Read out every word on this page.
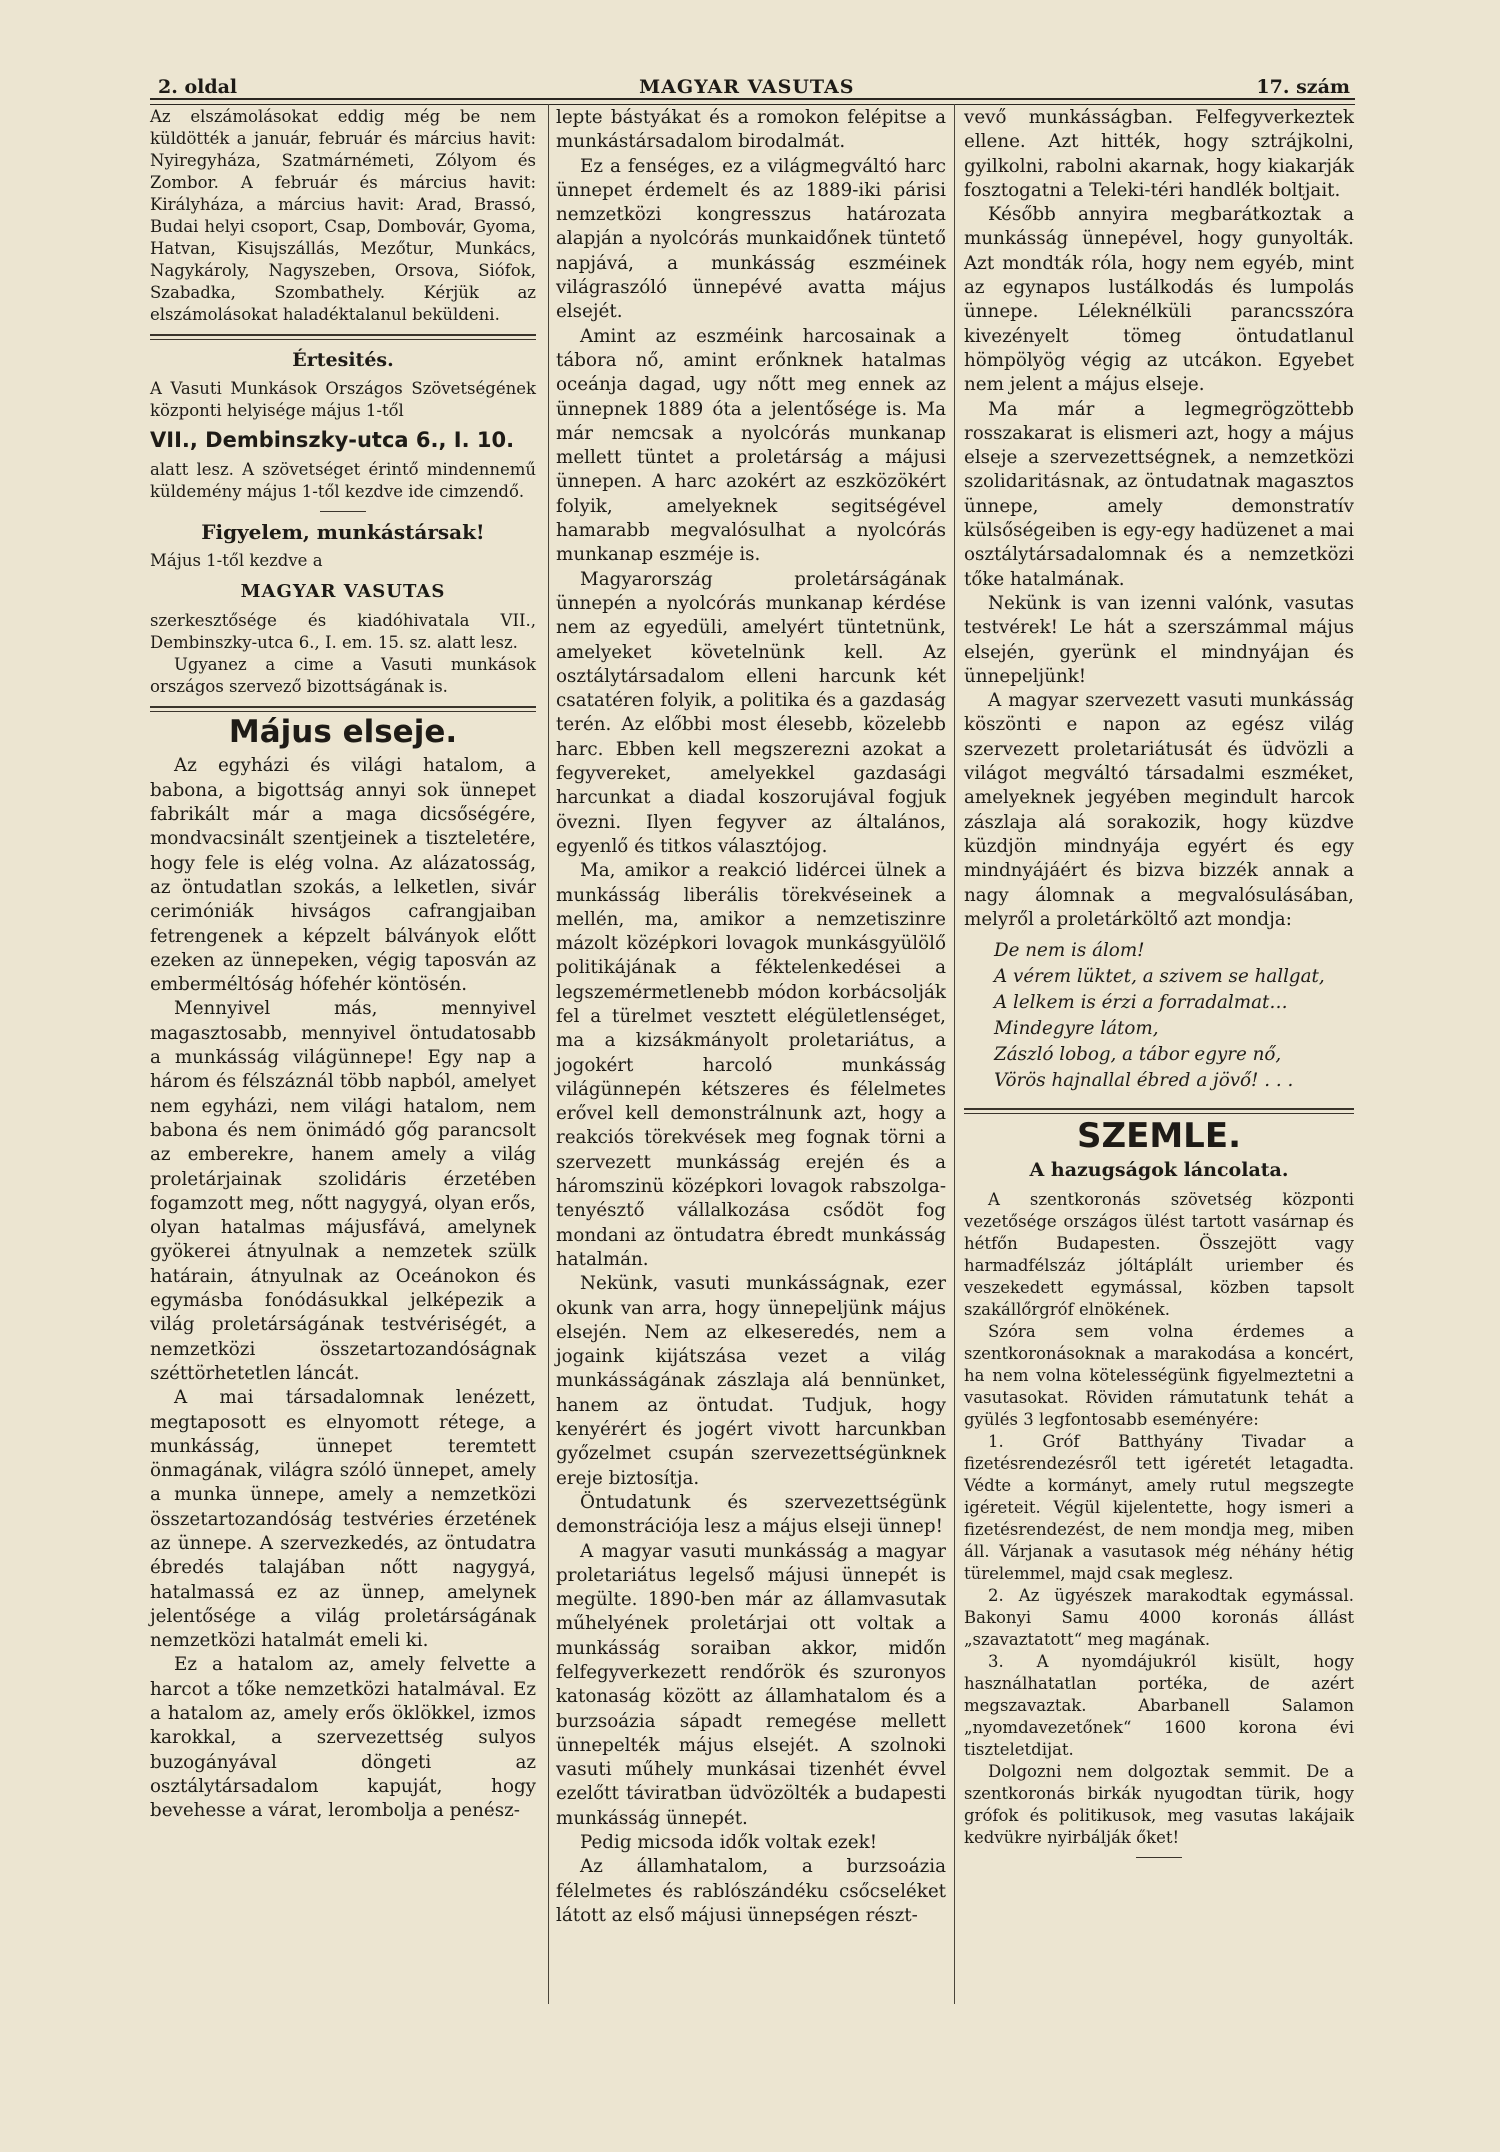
2. oldal	MAGYAR VASUTAS	17. szám

Az elszámolásokat eddig még be nem küldötték a január, február és március havit: Nyiregyháza, Szatmárnémeti, Zólyom és Zombor. A február és március havit: Királyháza, a március havit: Arad, Brassó, Budai helyi csoport, Csap, Dombovár, Gyoma, Hatvan, Kisujszállás, Mezőtur, Munkács, Nagykároly, Nagyszeben, Orsova, Siófok, Szabadka, Szombathely. Kérjük az elszámolásokat haladéktalanul beküldeni.

Értesités.

A Vasuti Munkások Országos Szövetségének központi helyisége május 1-től

VII., Dembinszky-utca 6., I. 10.

alatt lesz. A szövetséget érintő mindennemű küldemény május 1-től kezdve ide cimzendő.

Figyelem, munkástársak!

Május 1-től kezdve a

MAGYAR VASUTAS

szerkesztősége és kiadóhivatala VII., Dembinszky-utca 6., I. em. 15. sz. alatt lesz.

Ugyanez a cime a Vasuti munkások országos szervező bizottságának is.

Május elseje.

Az egyházi és világi hatalom, a babona, a bigottság annyi sok ünnepet fabrikált már a maga dicsőségére, mondvacsinált szentjeinek a tiszteletére, hogy fele is elég volna. Az alázatosság, az öntudatlan szokás, a lelketlen, sivár cerimóniák hivságos cafrangjaiban fetrengenek a képzelt bálványok előtt ezeken az ünnepeken, végig taposván az emberméltóság hófehér köntösén.

Mennyivel más, mennyivel magasztosabb, mennyivel öntudatosabb a munkásság világünnepe! Egy nap a három és félszáznál több napból, amelyet nem egyházi, nem világi hatalom, nem babona és nem önimádó gőg parancsolt az emberekre, hanem amely a világ proletárjainak szolidáris érzetében fogamzott meg, nőtt nagygyá, olyan erős, olyan hatalmas májusfává, amelynek gyökerei átnyulnak a nemzetek szülk határain, átnyulnak az Oceánokon és egymásba fonódásukkal jelképezik a világ proletárságának testvériségét, a nemzetközi összetartozandóságnak széttörhetetlen láncát.

A mai társadalomnak lenézett, megtaposott es elnyomott rétege, a munkásság, ünnepet teremtett önmagának, világra szóló ünnepet, amely a munka ünnepe, amely a nemzetközi összetartozandóság testvéries érzetének az ünnepe. A szervezkedés, az öntudatra ébredés talajában nőtt nagygyá, hatalmassá ez az ünnep, amelynek jelentősége a világ proletárságának nemzetközi hatalmát emeli ki.

Ez a hatalom az, amely felvette a harcot a tőke nemzetközi hatalmával. Ez a hatalom az, amely erős öklökkel, izmos karokkal, a szervezettség sulyos buzogányával döngeti az osztálytársadalom kapuját, hogy bevehesse a várat, lerombolja a penész-

lepte bástyákat és a romokon felépitse a munkástársadalom birodalmát.

Ez a fenséges, ez a világmegváltó harc ünnepet érdemelt és az 1889-iki párisi nemzetközi kongresszus határozata alapján a nyolcórás munkaidőnek tüntető napjává, a munkásság eszméinek világraszóló ünnepévé avatta május elsejét.

Amint az eszméink harcosainak a tábora nő, amint erőnknek hatalmas oceánja dagad, ugy nőtt meg ennek az ünnepnek 1889 óta a jelentősége is. Ma már nemcsak a nyolcórás munkanap mellett tüntet a proletárság a májusi ünnepen. A harc azokért az eszközökért folyik, amelyeknek segitségével hamarabb megvalósulhat a nyolcórás munkanap eszméje is.

Magyarország proletárságának ünnepén a nyolcórás munkanap kérdése nem az egyedüli, amelyért tüntetnünk, amelyeket követelnünk kell. Az osztálytársadalom elleni harcunk két csatatéren folyik, a politika és a gazdaság terén. Az előbbi most élesebb, közelebb harc. Ebben kell megszerezni azokat a fegyvereket, amelyekkel gazdasági harcunkat a diadal koszorujával fogjuk övezni. Ilyen fegyver az általános, egyenlő és titkos választójog.

Ma, amikor a reakció lidércei ülnek a munkásság liberális törekvéseinek a mellén, ma, amikor a nemzetiszinre mázolt középkori lovagok munkásgyülölő politikájának a féktelenkedései a legszemérmetlenebb módon korbácsolják fel a türelmet vesztett elégületlenséget, ma a kizsákmányolt proletariátus, a jogokért harcoló munkásság világünnepén kétszeres és félelmetes erővel kell demonstrálnunk azt, hogy a reakciós törekvések meg fognak törni a szervezett munkásság erején és a háromszinü középkori lovagok rabszolga-tenyésztő vállalkozása csődöt fog mondani az öntudatra ébredt munkásság hatalmán.

Nekünk, vasuti munkásságnak, ezer okunk van arra, hogy ünnepeljünk május elsején. Nem az elkeseredés, nem a jogaink kijátszása vezet a világ munkásságának zászlaja alá bennünket, hanem az öntudat. Tudjuk, hogy kenyérért és jogért vivott harcunkban győzelmet csupán szervezettségünknek ereje biztosítja.

Öntudatunk és szervezettségünk demonstrációja lesz a május elseji ünnep!

A magyar vasuti munkásság a magyar proletariátus legelső májusi ünnepét is megülte. 1890-ben már az államvasutak műhelyének proletárjai ott voltak a munkásság soraiban akkor, midőn felfegyverkezett rendőrök és szuronyos katonaság között az államhatalom és a burzsoázia sápadt remegése mellett ünnepelték május elsejét. A szolnoki vasuti műhely munkásai tizenhét évvel ezelőtt táviratban üdvözölték a budapesti munkásság ünnepét.

Pedig micsoda idők voltak ezek!

Az államhatalom, a burzsoázia félelmetes és rablószándéku csőcseléket látott az első májusi ünnepségen részt-

vevő munkásságban. Felfegyverkeztek ellene. Azt hitték, hogy sztrájkolni, gyilkolni, rabolni akarnak, hogy kiakarják fosztogatni a Teleki-téri handlék boltjait.

Később annyira megbarátkoztak a munkásság ünnepével, hogy gunyolták. Azt mondták róla, hogy nem egyéb, mint az egynapos lustálkodás és lumpolás ünnepe. Léleknélküli parancsszóra kivezényelt tömeg öntudatlanul hömpölyög végig az utcákon. Egyebet nem jelent a május elseje.

Ma már a legmegrögzöttebb rosszakarat is elismeri azt, hogy a május elseje a szervezettségnek, a nemzetközi szolidaritásnak, az öntudatnak magasztos ünnepe, amely demonstratív külsőségeiben is egy-egy hadüzenet a mai osztálytársadalomnak és a nemzetközi tőke hatalmának.

Nekünk is van izenni valónk, vasutas testvérek! Le hát a szerszámmal május elsején, gyerünk el mindnyájan és ünnepeljünk!

A magyar szervezett vasuti munkásság köszönti e napon az egész világ szervezett proletariátusát és üdvözli a világot megváltó társadalmi eszméket, amelyeknek jegyében megindult harcok zászlaja alá sorakozik, hogy küzdve küzdjön mindnyája egyért és egy mindnyájáért és bizva bizzék annak a nagy álomnak a megvalósulásában, melyről a proletárköltő azt mondja:

De nem is álom!
A vérem lüktet, a szivem se hallgat,
A lelkem is érzi a forradalmat…
Mindegyre látom,
Zászló lobog, a tábor egyre nő,
Vörös hajnallal ébred a jövő! . . .
SZEMLE.
A hazugságok láncolata.

A szentkoronás szövetség központi vezetősége országos ülést tartott vasárnap és hétfőn Budapesten. Összejött vagy harmadfélszáz jóltáplált uriember és veszekedett egymással, közben tapsolt szakállőrgróf elnökének.

Szóra sem volna érdemes a szentkoronásoknak a marakodása a koncért, ha nem volna kötelességünk figyelmeztetni a vasutasokat. Röviden rámutatunk tehát a gyülés 3 legfontosabb eseményére:

1. Gróf Batthyány Tivadar a fizetésrendezésről tett igéretét letagadta. Védte a kormányt, amely rutul megszegte igéreteit. Végül kijelentette, hogy ismeri a fizetésrendezést, de nem mondja meg, miben áll. Várjanak a vasutasok még néhány hétig türelemmel, majd csak meglesz.

2. Az ügyészek marakodtak egymással. Bakonyi Samu 4000 koronás állást „szavaztatott“ meg magának.

3. A nyomdájukról kisült, hogy használhatatlan portéka, de azért megszavaztak. Abarbanell Salamon „nyomdavezetőnek“ 1600 korona évi tiszteletdijat.

Dolgozni nem dolgoztak semmit. De a szentkoronás birkák nyugodtan türik, hogy grófok és politikusok, meg vasutas lakájaik kedvükre nyirbálják őket!
